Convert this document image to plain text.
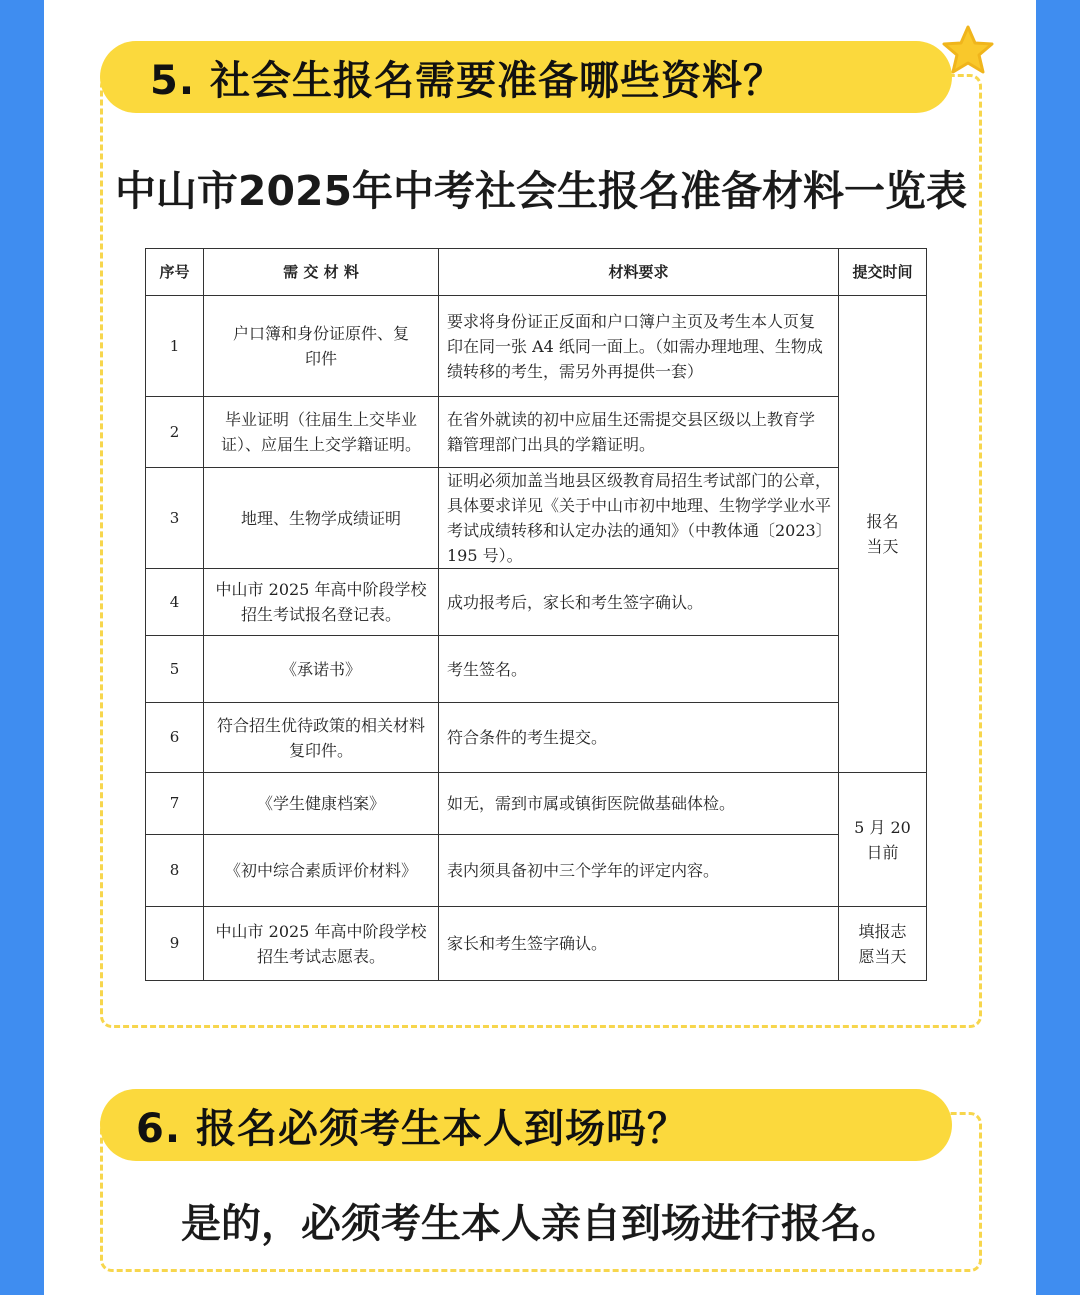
5. 社会生报名需要准备哪些资料？
中山市2025年中考社会生报名准备材料一览表
序号	需 交 材 料	材料要求	提交时间
1	户口簿和身份证原件、复印件	要求将身份证正反面和户口簿户主页及考生本人页复印在同一张 A4 纸同一面上。（如需办理地理、生物成绩转移的考生，需另外再提供一套）	报名当天
2	毕业证明（往届生上交毕业证）、应届生上交学籍证明。	在省外就读的初中应届生还需提交县区级以上教育学籍管理部门出具的学籍证明。	
3	地理、生物学成绩证明	证明必须加盖当地县区级教育局招生考试部门的公章，具体要求详见《关于中山市初中地理、生物学学业水平考试成绩转移和认定办法的通知》（中教体通〔2023〕195 号）。	
4	中山市 2025 年高中阶段学校招生考试报名登记表。	成功报考后，家长和考生签字确认。	
5	《承诺书》	考生签名。	
6	符合招生优待政策的相关材料复印件。	符合条件的考生提交。	
7	《学生健康档案》	如无，需到市属或镇街医院做基础体检。	5 月 20 日前
8	《初中综合素质评价材料》	表内须具备初中三个学年的评定内容。	
9	中山市 2025 年高中阶段学校招生考试志愿表。	家长和考生签字确认。	填报志愿当天
6. 报名必须考生本人到场吗？
是的，必须考生本人亲自到场进行报名。
